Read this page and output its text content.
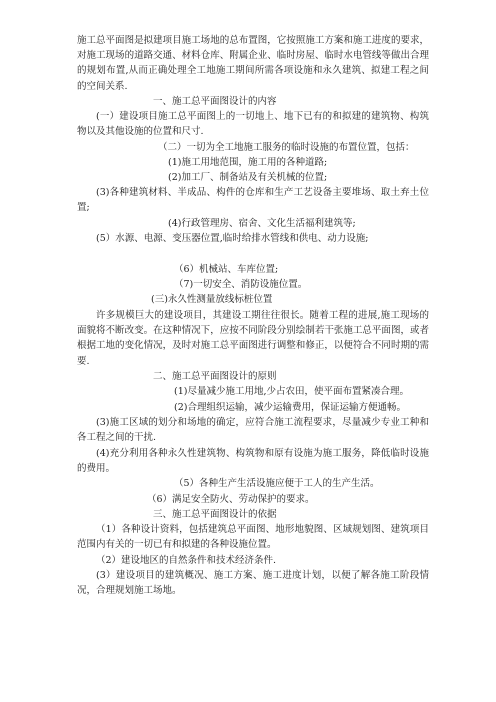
施工总平面图是拟建项目施工场地的总布置图，它按照施工方案和施工进度的要求，对施工现场的道路交通、材料仓库、附属企业、临时房屋、临时水电管线等做出合理的规划布置,从而正确处理全工地施工期间所需各项设施和永久建筑、拟建工程之间的空间关系.

一、施工总平面图设计的内容

(一）建设项目施工总平面图上的一切地上、地下已有的和拟建的建筑物、构筑物以及其他设施的位置和尺寸.

（二）一切为全工地施工服务的临时设施的布置位置，包括：

(1)施工用地范围，施工用的各种道路;

(2)加工厂、制备站及有关机械的位置;

(3)各种建筑材料、半成品、构件的仓库和生产工艺设备主要堆场、取土弃土位置;

(4)行政管理房、宿舍、文化生活福利建筑等;

(5）水源、电源、变压器位置,临时给排水管线和供电、动力设施;

（6）机械站、车库位置;

（7)一切安全、消防设施位置。

(三)永久性测量放线标桩位置

许多规模巨大的建设项目，其建设工期往往很长。随着工程的进展,施工现场的面貌将不断改变。在这种情况下，应按不同阶段分别绘制若干张施工总平面图，或者根据工地的变化情况，及时对施工总平面图进行调整和修正，以便符合不同时期的需要.

二、施工总平面图设计的原则

(1)尽量减少施工用地,少占农田，使平面布置紧凑合理。

(2)合理组织运输，减少运输费用，保证运输方便通畅。

(3)施工区域的划分和场地的确定，应符合施工流程要求，尽量减少专业工种和各工程之间的干扰.

(4)充分利用各种永久性建筑物、构筑物和原有设施为施工服务，降低临时设施的费用。

（5）各种生产生活设施应便于工人的生产生活。

（6）满足安全防火、劳动保护的要求。

三、施工总平面图设计的依据

（1）各种设计资料，包括建筑总平面图、地形地貌图、区域规划图、建筑项目范围内有关的一切已有和拟建的各种设施位置。

（2）建设地区的自然条件和技术经济条件.

(3）建设项目的建筑概况、施工方案、施工进度计划，以便了解各施工阶段情况，合理规划施工场地。
